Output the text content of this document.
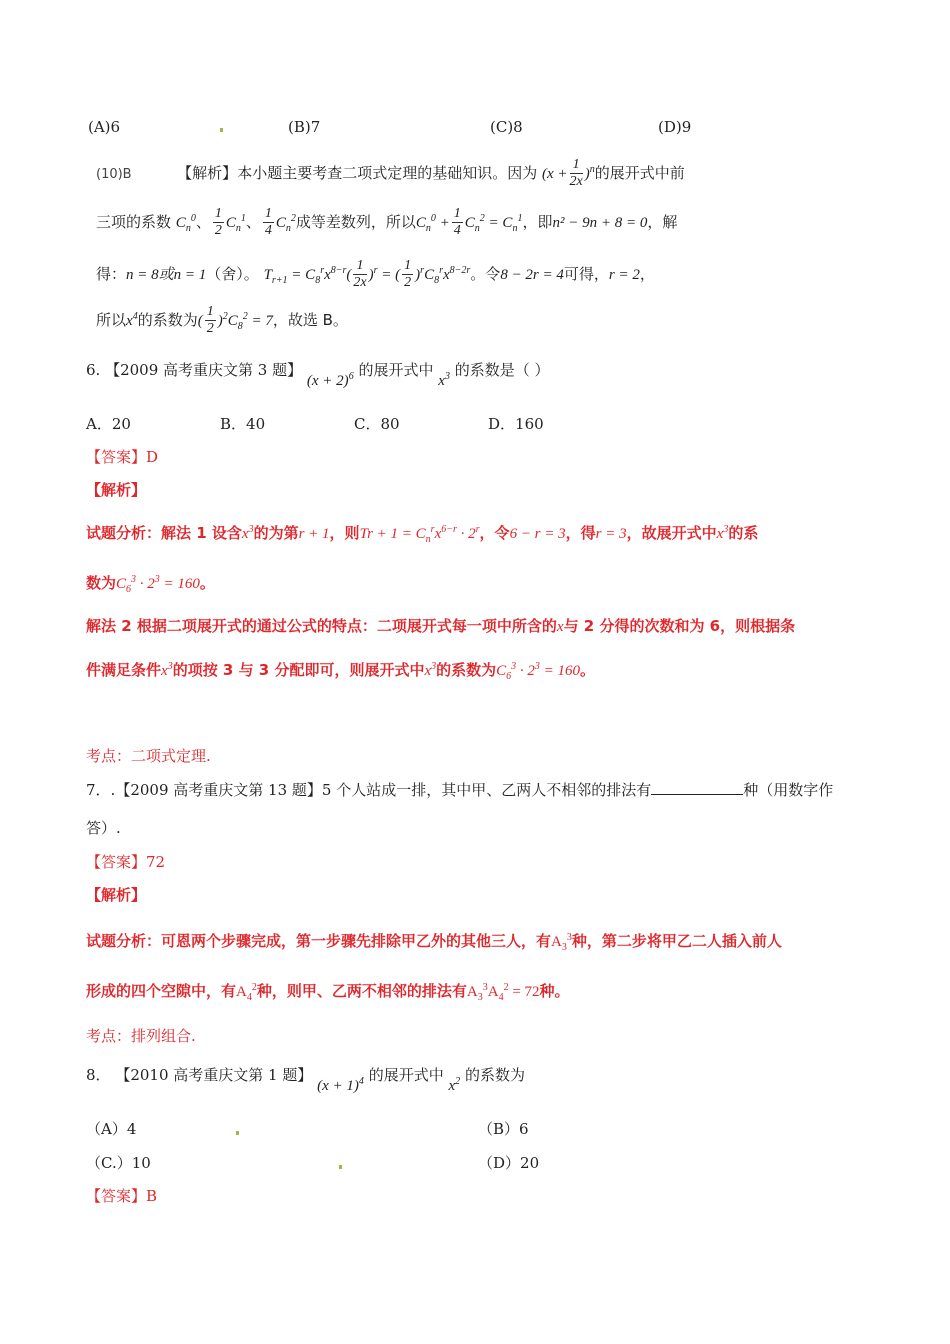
(A)6	(B)7	(C)8	(D)9
(10)B	【解析】本小题主要考查二项式定理的基础知识。因为 $(x + \frac{1}{2x} )^n$的展开式中前
三项的系数 $C_n^0$、 $\frac{1}{2} C_n^1$、 $\frac{1}{4} C_n^2$成等差数列，所以$C_n^0 + \frac{1}{4} C_n^2 = C_n^1$，即n² − 9n + 8 = 0，解
得：n = 8或n = 1（舍）。 $T_{r+1} = C_8^rx^{8-r}( \frac{1}{2x} )^r$ = ( $\frac{1}{2} )^rC_8^rx^{8-2r}$。令8 − 2r = 4可得，r = 2，
所以$x^4$的系数为( $\frac{1}{2} )^2C_8^2 = 7$，故选 B。
6. 【2009 高考重庆文第 3 题】 $(x + 2)^6$ 的展开式中 $x^3$ 的系数是（ ）
A．20	B．40	C．80	D．160
【答案】D
【解析】
试题分析：解法 1 设含$x^3$的为第r + 1，则$Tr + 1 = C_n^rx^{6-r} \cdot 2^r$，令6 − r = 3，得r = 3，故展开式中$x^3$的系
数为$C_6^3 \cdot 2^3 = 160$。
解法 2 根据二项展开式的通过公式的特点：二项展开式每一项中所含的x与 2 分得的次数和为 6，则根据条
件满足条件$x^3$的项按 3 与 3 分配即可，则展开式中$x^3$的系数为$C_6^3 \cdot 2^3 = 160$。
考点：二项式定理.
7．.【2009 高考重庆文第 13 题】5 个人站成一排，其中甲、乙两人不相邻的排法有	种（用数字作
答）.
【答案】72
【解析】
试题分析：可恩两个步骤完成，第一步骤先排除甲乙外的其他三人，有$A_3^3$种，第二步将甲乙二人插入前人
形成的四个空隙中，有$A_4^2$种，则甲、乙两不相邻的排法有$A_3^3A_4^2 = 72$种。
考点：排列组合.
8． 【2010 高考重庆文第 1 题】 $(x + 1)^4$ 的展开式中 $x^2$ 的系数为
（A）4	（B）6
（C.）10	（D）20
【答案】B
